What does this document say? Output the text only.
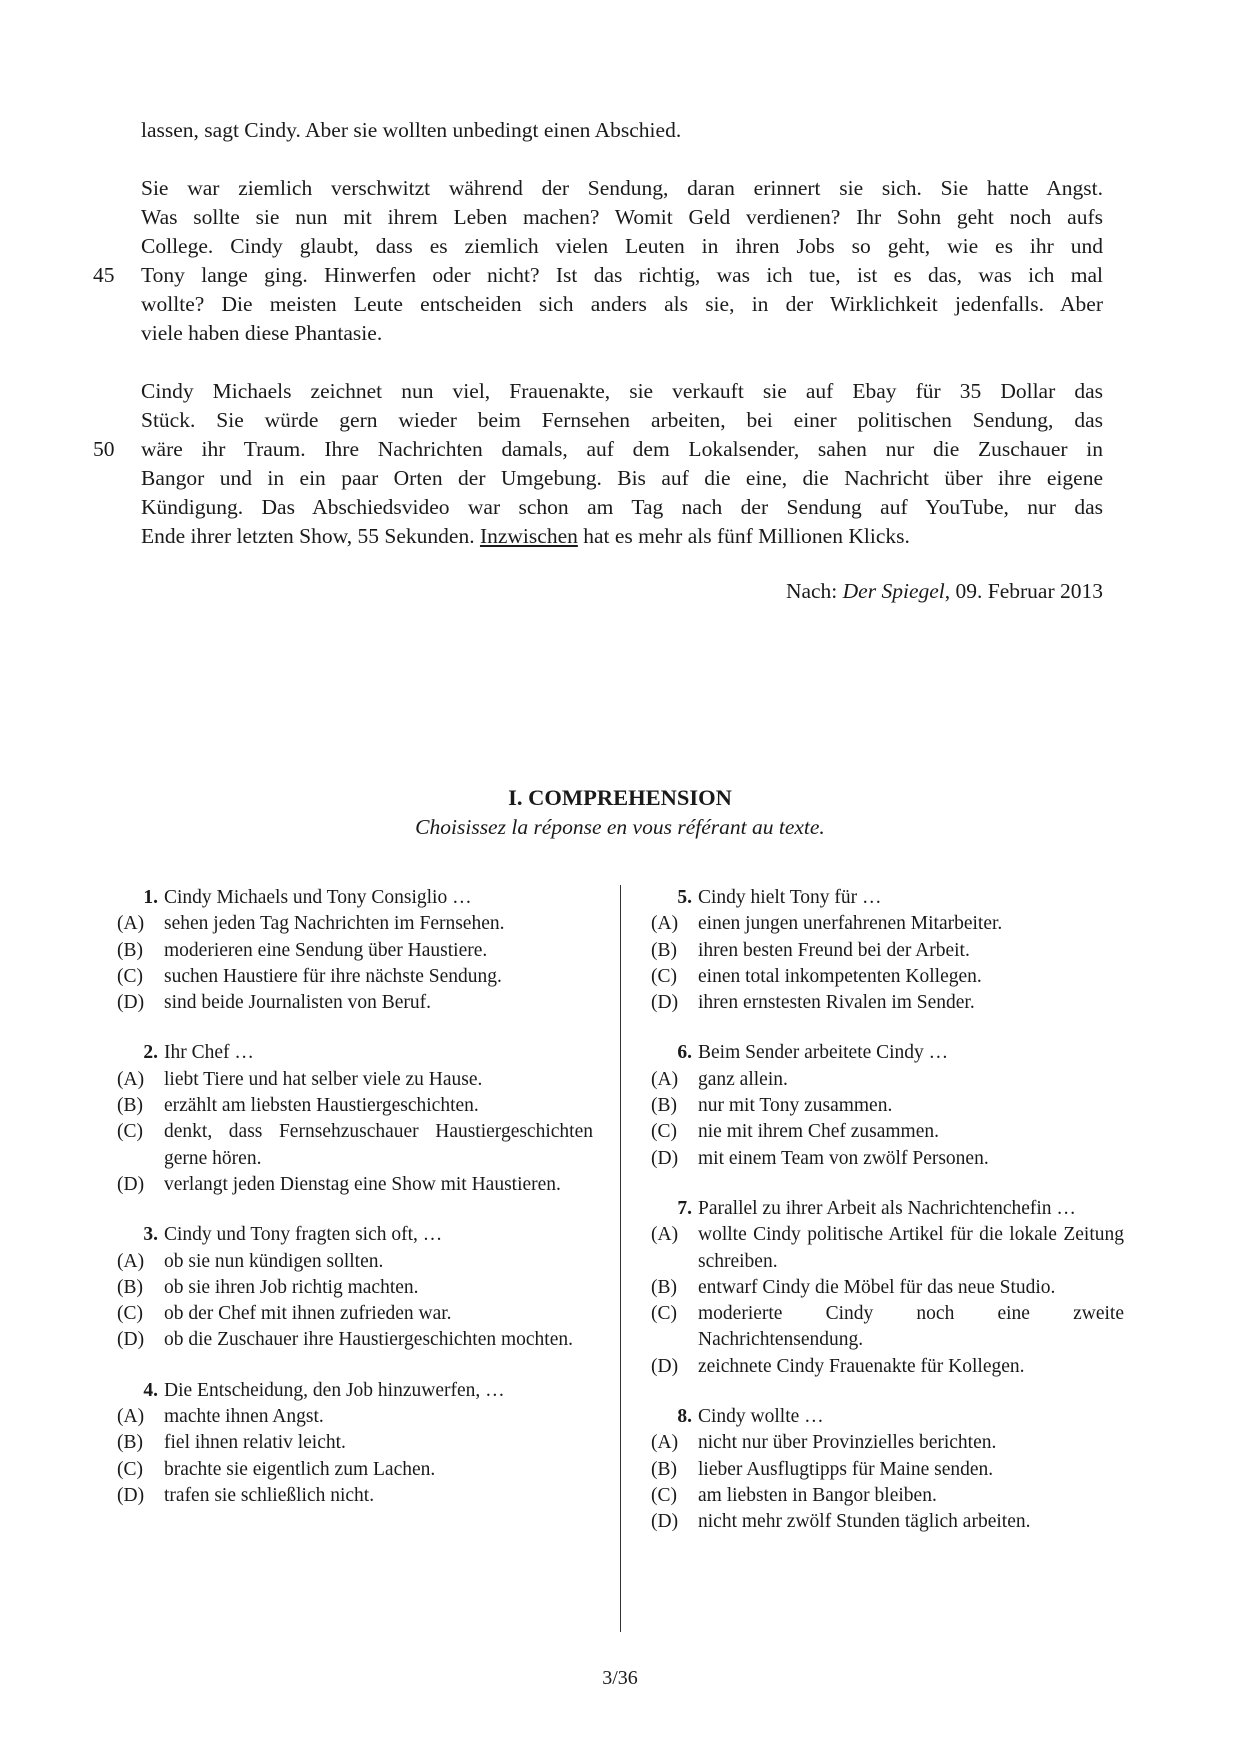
lassen, sagt Cindy. Aber sie wollten unbedingt einen Abschied.
Sie war ziemlich verschwitzt während der Sendung, daran erinnert sie sich. Sie hatte Angst.
Was sollte sie nun mit ihrem Leben machen? Womit Geld verdienen? Ihr Sohn geht noch aufs
College. Cindy glaubt, dass es ziemlich vielen Leuten in ihren Jobs so geht, wie es ihr und
45 Tony lange ging. Hinwerfen oder nicht? Ist das richtig, was ich tue, ist es das, was ich mal
wollte? Die meisten Leute entscheiden sich anders als sie, in der Wirklichkeit jedenfalls. Aber
viele haben diese Phantasie.
Cindy Michaels zeichnet nun viel, Frauenakte, sie verkauft sie auf Ebay für 35 Dollar das
Stück. Sie würde gern wieder beim Fernsehen arbeiten, bei einer politischen Sendung, das
50 wäre ihr Traum. Ihre Nachrichten damals, auf dem Lokalsender, sahen nur die Zuschauer in
Bangor und in ein paar Orten der Umgebung. Bis auf die eine, die Nachricht über ihre eigene
Kündigung. Das Abschiedsvideo war schon am Tag nach der Sendung auf YouTube, nur das
Ende ihrer letzten Show, 55 Sekunden. Inzwischen hat es mehr als fünf Millionen Klicks.
Nach: Der Spiegel, 09. Februar 2013
I. COMPREHENSION
Choisissez la réponse en vous référant au texte.
1. Cindy Michaels und Tony Consiglio …
(A)	sehen jeden Tag Nachrichten im Fernsehen.
(B)	moderieren eine Sendung über Haustiere.
(C)	suchen Haustiere für ihre nächste Sendung.
(D)	sind beide Journalisten von Beruf.
2. Ihr Chef …
(A)	liebt Tiere und hat selber viele zu Hause.
(B)	erzählt am liebsten Haustiergeschichten.
(C)	denkt, dass Fernsehzuschauer Haustiergeschichten gerne hören.
(D)	verlangt jeden Dienstag eine Show mit Haustieren.
3. Cindy und Tony fragten sich oft, …
(A)	ob sie nun kündigen sollten.
(B)	ob sie ihren Job richtig machten.
(C)	ob der Chef mit ihnen zufrieden war.
(D)	ob die Zuschauer ihre Haustiergeschichten mochten.
4. Die Entscheidung, den Job hinzuwerfen, …
(A)	machte ihnen Angst.
(B)	fiel ihnen relativ leicht.
(C)	brachte sie eigentlich zum Lachen.
(D)	trafen sie schließlich nicht.
5. Cindy hielt Tony für …
(A)	einen jungen unerfahrenen Mitarbeiter.
(B)	ihren besten Freund bei der Arbeit.
(C)	einen total inkompetenten Kollegen.
(D)	ihren ernstesten Rivalen im Sender.
6. Beim Sender arbeitete Cindy …
(A)	ganz allein.
(B)	nur mit Tony zusammen.
(C)	nie mit ihrem Chef zusammen.
(D)	mit einem Team von zwölf Personen.
7. Parallel zu ihrer Arbeit als Nachrichtenchefin …
(A)	wollte Cindy politische Artikel für die lokale Zeitung schreiben.
(B)	entwarf Cindy die Möbel für das neue Studio.
(C)	moderierte Cindy noch eine zweite Nachrichtensendung.
(D)	zeichnete Cindy Frauenakte für Kollegen.
8. Cindy wollte …
(A)	nicht nur über Provinzielles berichten.
(B)	lieber Ausflugtipps für Maine senden.
(C)	am liebsten in Bangor bleiben.
(D)	nicht mehr zwölf Stunden täglich arbeiten.
3/36
